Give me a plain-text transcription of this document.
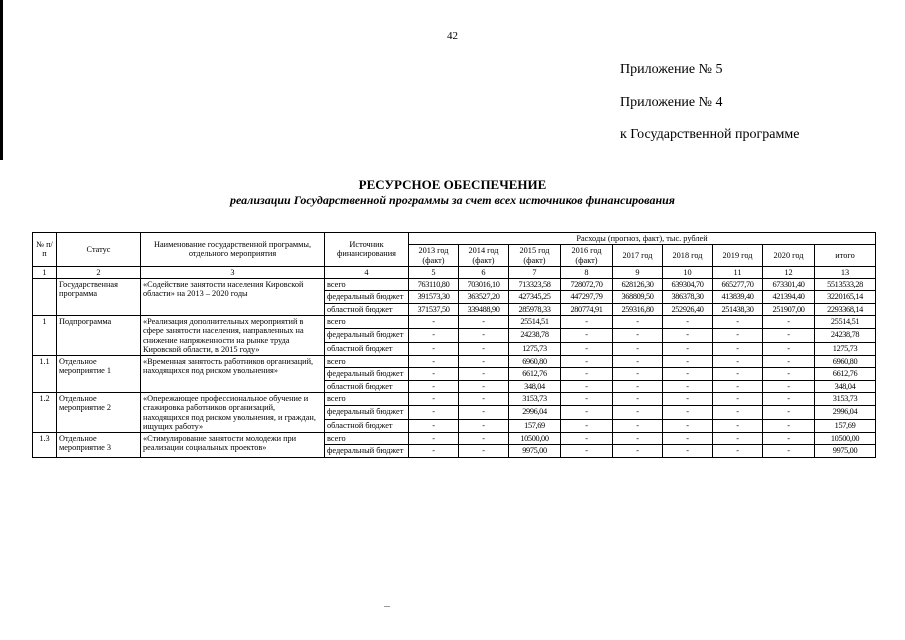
42
Приложение № 5
Приложение № 4
к Государственной программе
РЕСУРСНОЕ ОБЕСПЕЧЕНИЕ
реализации Государственной программы за счет всех источников финансирования
№ п/п	Статус	Наименование государственной программы, отдельного мероприятия	Источник финансирования	Расходы (прогноз, факт), тыс. рублей								
				2013 год (факт)	2014 год (факт)	2015 год (факт)	2016 год (факт)	2017 год	2018 год	2019 год	2020 год	итого
1	2	3	4	5	6	7	8	9	10	11	12	13
	Государственная программа	«Содействие занятости населения Кировской области» на 2013 – 2020 годы	всего	763110,80	703016,10	713323,58	728072,70	628126,30	639304,70	665277,70	673301,40	5513533,28
			федеральный бюджет	391573,30	363527,20	427345,25	447297,79	368809,50	386378,30	413839,40	421394,40	3220165,14
			областной бюджет	371537,50	339488,90	285978,33	280774,91	259316,80	252926,40	251438,30	251907,00	2293368,14
1	Подпрограмма	«Реализация дополнительных мероприятий в сфере занятости населения, направленных на снижение напряженности на рынке труда Кировской области, в 2015 году»	всего	-	-	25514,51	-	-	-	-	-	25514,51
			федеральный бюджет	-	-	24238,78	-	-	-	-	-	24238,78
			областной бюджет	-	-	1275,73	-	-	-	-	-	1275,73
1.1	Отдельное мероприятие 1	«Временная занятость работников организаций, находящихся под риском увольнения»	всего	-	-	6960,80	-	-	-	-	-	6960,80
			федеральный бюджет	-	-	6612,76	-	-	-	-	-	6612,76
			областной бюджет	-	-	348,04	-	-	-	-	-	348,04
1.2	Отдельное мероприятие 2	«Опережающее профессиональное обучение и стажировка работников организаций, находящихся под риском увольнения, и граждан, ищущих работу»	всего	-	-	3153,73	-	-	-	-	-	3153,73
			федеральный бюджет	-	-	2996,04	-	-	-	-	-	2996,04
			областной бюджет	-	-	157,69	-	-	-	-	-	157,69
1.3	Отдельное мероприятие 3	«Стимулирование занятости молодежи при реализации социальных проектов»	всего	-	-	10500,00	-	-	-	-	-	10500,00
			федеральный бюджет	-	-	9975,00	-	-	-	-	-	9975,00
